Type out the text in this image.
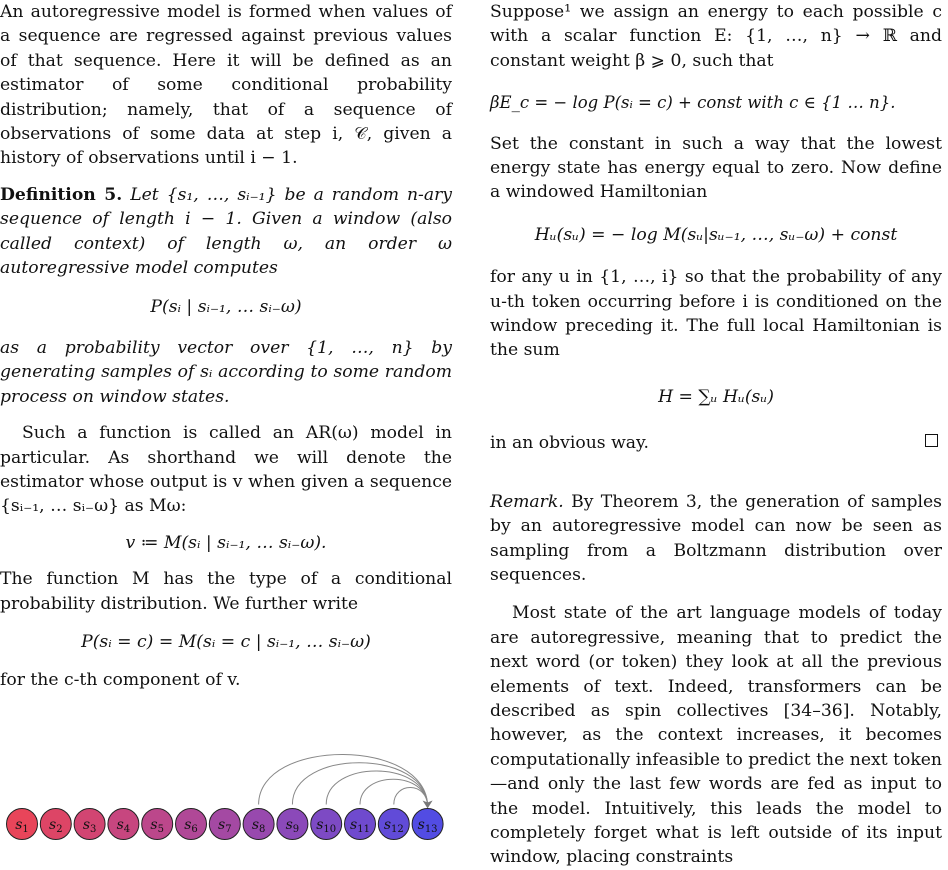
An autoregressive model is formed when values of a sequence are regressed against previous values of that sequence. Here it will be defined as an estimator of some conditional probability distribution; namely, that of a sequence of observations of some data at step i, 𝒞, given a history of observations until i − 1.

Definition 5. Let {s₁, …, sᵢ₋₁} be a random n-ary sequence of length i − 1. Given a window (also called context) of length ω, an order ω autoregressive model computes

P(sᵢ | sᵢ₋₁, … sᵢ₋ω)

as a probability vector over {1, …, n} by generating samples of sᵢ according to some random process on window states.

Such a function is called an AR(ω) model in particular. As shorthand we will denote the estimator whose output is v when given a sequence {sᵢ₋₁, … sᵢ₋ω} as Mω:

v ≔ M(sᵢ | sᵢ₋₁, … sᵢ₋ω).

The function M has the type of a conditional probability distribution. We further write

P(sᵢ = c) = M(sᵢ = c | sᵢ₋₁, … sᵢ₋ω)

for the c-th component of v.

$s_1$ $s_2$ $s_3$ $s_4$ $s_5$ $s_6$ $s_7$ $s_8$ $s_9$ $s_{10}$ $s_{11}$ $s_{12}$ $s_{13}$

Suppose¹ we assign an energy to each possible c with a scalar function E: {1, …, n} → ℝ and constant weight β ⩾ 0, such that

βE_c = − log P(sᵢ = c) + const with c ∈ {1 … n}.

Set the constant in such a way that the lowest energy state has energy equal to zero. Now define a windowed Hamiltonian

Hᵤ(sᵤ) = − log M(sᵤ|sᵤ₋₁, …, sᵤ₋ω) + const

for any u in {1, …, i} so that the probability of any u-th token occurring before i is conditioned on the window preceding it. The full local Hamiltonian is the sum

H = ∑ᵤ Hᵤ(sᵤ)

in an obvious way.

Remark. By Theorem 3, the generation of samples by an autoregressive model can now be seen as sampling from a Boltzmann distribution over sequences.

Most state of the art language models of today are autoregressive, meaning that to predict the next word (or token) they look at all the previous elements of text. Indeed, transformers can be described as spin collectives [34–36]. Notably, however, as the context increases, it becomes computationally infeasible to predict the next token—and only the last few words are fed as input to the model. Intuitively, this leads the model to completely forget what is left outside of its input window, placing constraints
